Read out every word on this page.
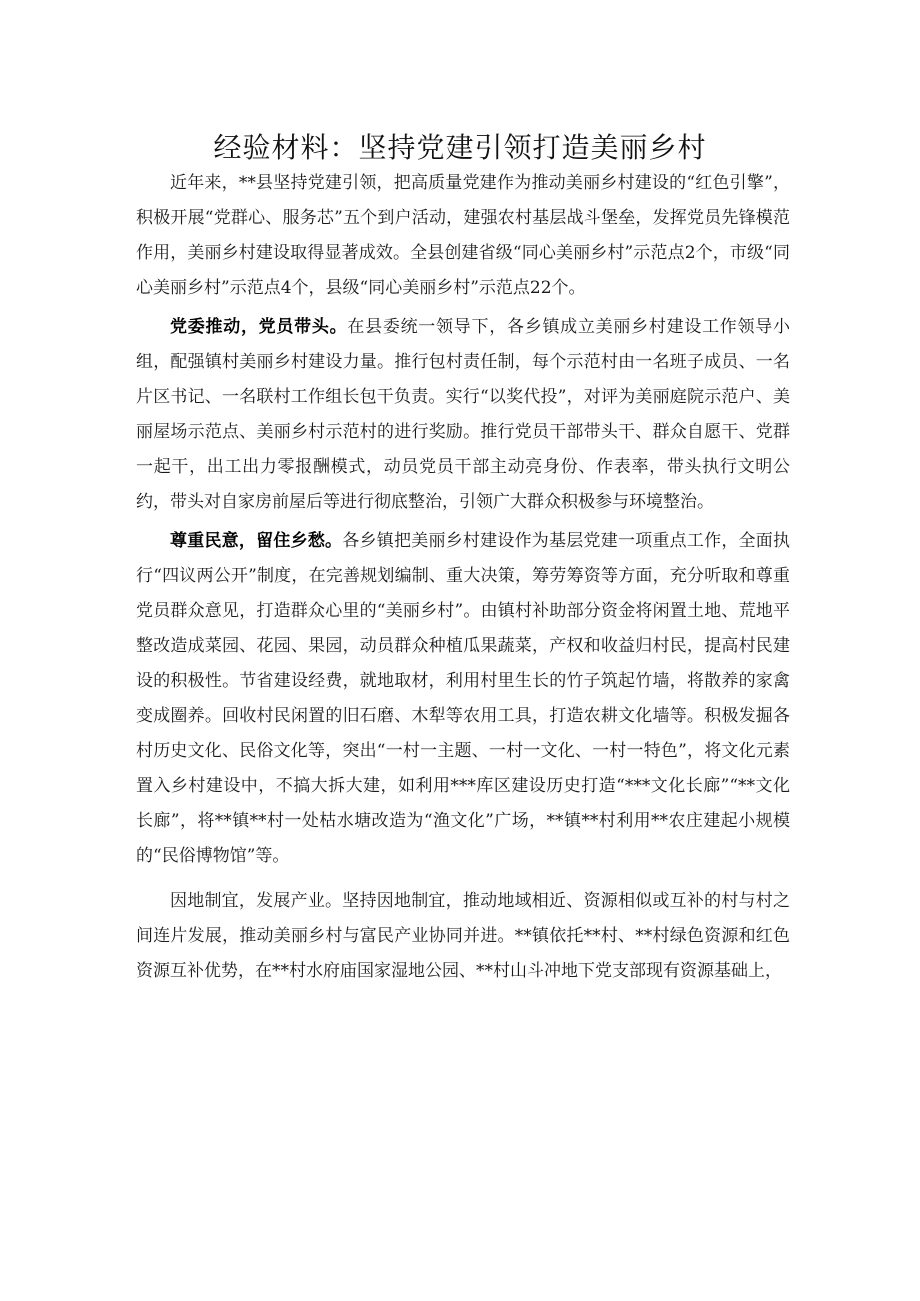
经验材料：坚持党建引领打造美丽乡村

近年来，**县坚持党建引领，把高质量党建作为推动美丽乡村建设的“红色引擎”，积极开展“党群心、服务芯”五个到户活动，建强农村基层战斗堡垒，发挥党员先锋模范作用，美丽乡村建设取得显著成效。全县创建省级“同心美丽乡村”示范点2个，市级“同心美丽乡村”示范点4个，县级“同心美丽乡村”示范点22个。

党委推动，党员带头。在县委统一领导下，各乡镇成立美丽乡村建设工作领导小组，配强镇村美丽乡村建设力量。推行包村责任制，每个示范村由一名班子成员、一名片区书记、一名联村工作组长包干负责。实行“以奖代投”，对评为美丽庭院示范户、美丽屋场示范点、美丽乡村示范村的进行奖励。推行党员干部带头干、群众自愿干、党群一起干，出工出力零报酬模式，动员党员干部主动亮身份、作表率，带头执行文明公约，带头对自家房前屋后等进行彻底整治，引领广大群众积极参与环境整治。

尊重民意，留住乡愁。各乡镇把美丽乡村建设作为基层党建一项重点工作，全面执行“四议两公开”制度，在完善规划编制、重大决策，筹劳筹资等方面，充分听取和尊重党员群众意见，打造群众心里的“美丽乡村”。由镇村补助部分资金将闲置土地、荒地平整改造成菜园、花园、果园，动员群众种植瓜果蔬菜，产权和收益归村民，提高村民建设的积极性。节省建设经费，就地取材，利用村里生长的竹子筑起竹墙，将散养的家禽变成圈养。回收村民闲置的旧石磨、木犁等农用工具，打造农耕文化墙等。积极发掘各村历史文化、民俗文化等，突出“一村一主题、一村一文化、一村一特色”，将文化元素置入乡村建设中，不搞大拆大建，如利用***库区建设历史打造“***文化长廊”“**文化长廊”，将**镇**村一处枯水塘改造为“渔文化”广场，**镇**村利用**农庄建起小规模的“民俗博物馆”等。

因地制宜，发展产业。坚持因地制宜，推动地域相近、资源相似或互补的村与村之间连片发展，推动美丽乡村与富民产业协同并进。**镇依托**村、**村绿色资源和红色资源互补优势，在**村水府庙国家湿地公园、**村山斗冲地下党支部现有资源基础上，
